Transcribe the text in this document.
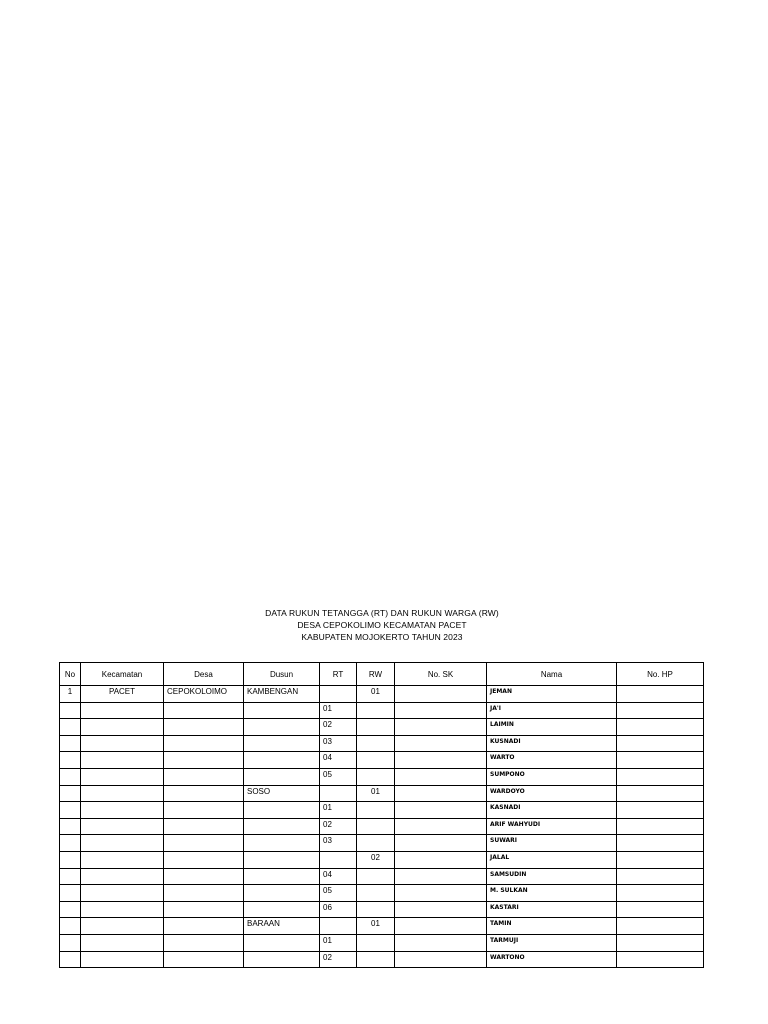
DATA RUKUN TETANGGA (RT) DAN RUKUN WARGA (RW)
DESA CEPOKOLIMO KECAMATAN PACET
KABUPATEN MOJOKERTO TAHUN 2023
No	Kecamatan	Desa	Dusun	RT	RW	No. SK	Nama	No. HP
1	PACET	CEPOKOLOIMO	KAMBENGAN		01		JEMAN	
				01			JA'I	
				02			LAIMIN	
				03			KUSNADI	
				04			WARTO	
				05			SUMPONO	
			SOSO		01		WARDOYO	
				01			KASNADI	
				02			ARIF WAHYUDI	
				03			SUWARI	
					02		JALAL	
				04			SAMSUDIN	
				05			M. SULKAN	
				06			KASTARI	
			BARAAN		01		TAMIN	
				01			TARMUJI	
				02			WARTONO	
